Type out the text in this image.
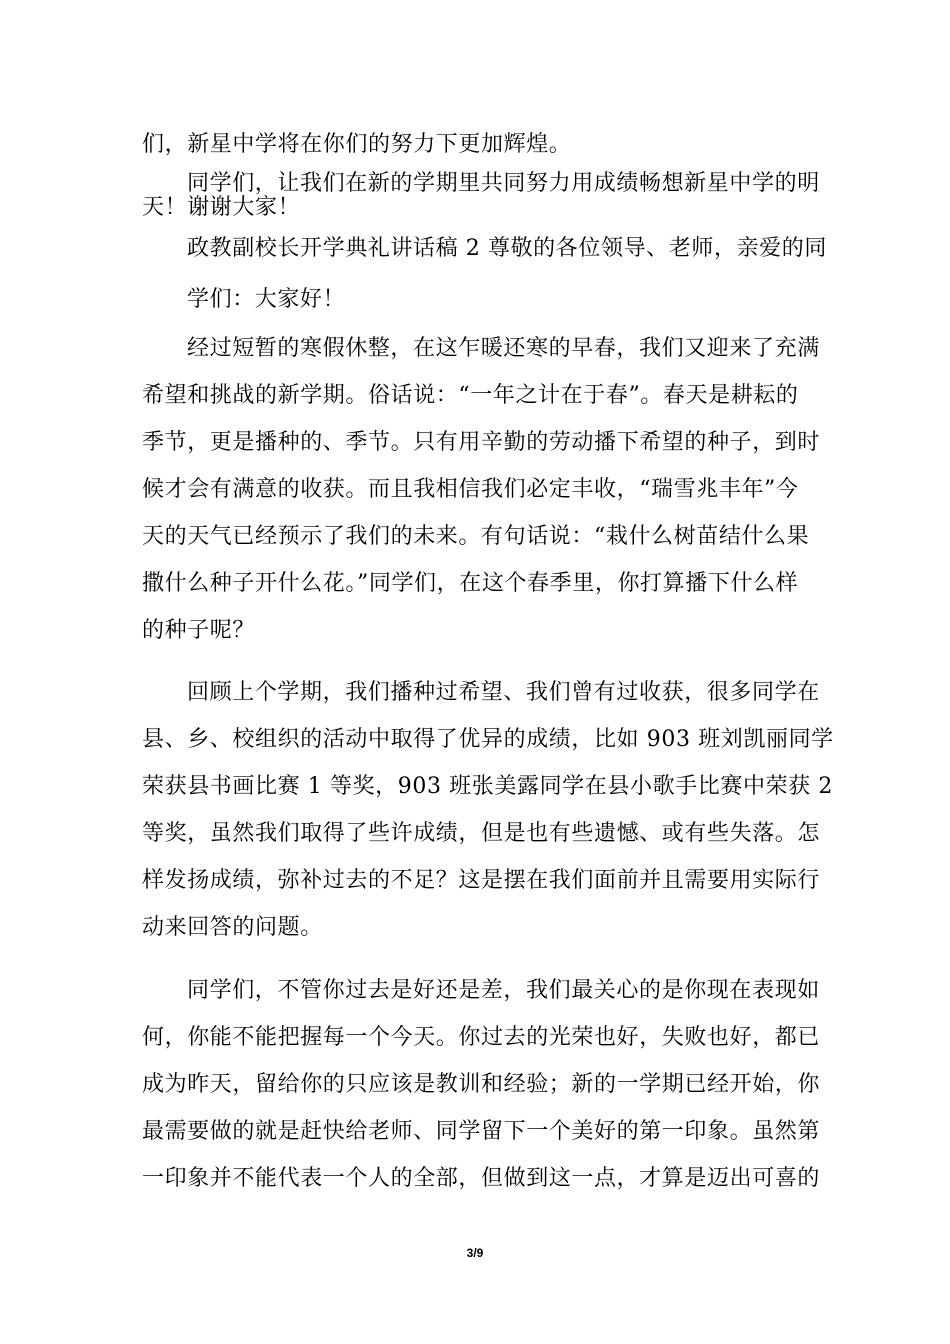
们，新星中学将在你们的努力下更加辉煌。
同学们，让我们在新的学期里共同努力用成绩畅想新星中学的明
天！谢谢大家！
政教副校长开学典礼讲话稿 2 尊敬的各位领导、老师，亲爱的同
学们：大家好！
经过短暂的寒假休整，在这乍暖还寒的早春，我们又迎来了充满
希望和挑战的新学期。俗话说：“一年之计在于春”。春天是耕耘的
季节，更是播种的、季节。只有用辛勤的劳动播下希望的种子，到时
候才会有满意的收获。而且我相信我们必定丰收，“瑞雪兆丰年”今
天的天气已经预示了我们的未来。有句话说：“栽什么树苗结什么果
撒什么种子开什么花。”同学们，在这个春季里，你打算播下什么样
的种子呢？
回顾上个学期，我们播种过希望、我们曾有过收获，很多同学在
县、乡、校组织的活动中取得了优异的成绩，比如 903 班刘凯丽同学
荣获县书画比赛 1 等奖，903 班张美露同学在县小歌手比赛中荣获 2
等奖，虽然我们取得了些许成绩，但是也有些遗憾、或有些失落。怎
样发扬成绩，弥补过去的不足？这是摆在我们面前并且需要用实际行
动来回答的问题。
同学们，不管你过去是好还是差，我们最关心的是你现在表现如
何，你能不能把握每一个今天。你过去的光荣也好，失败也好，都已
成为昨天，留给你的只应该是教训和经验；新的一学期已经开始，你
最需要做的就是赶快给老师、同学留下一个美好的第一印象。虽然第
一印象并不能代表一个人的全部，但做到这一点，才算是迈出可喜的
3/9
